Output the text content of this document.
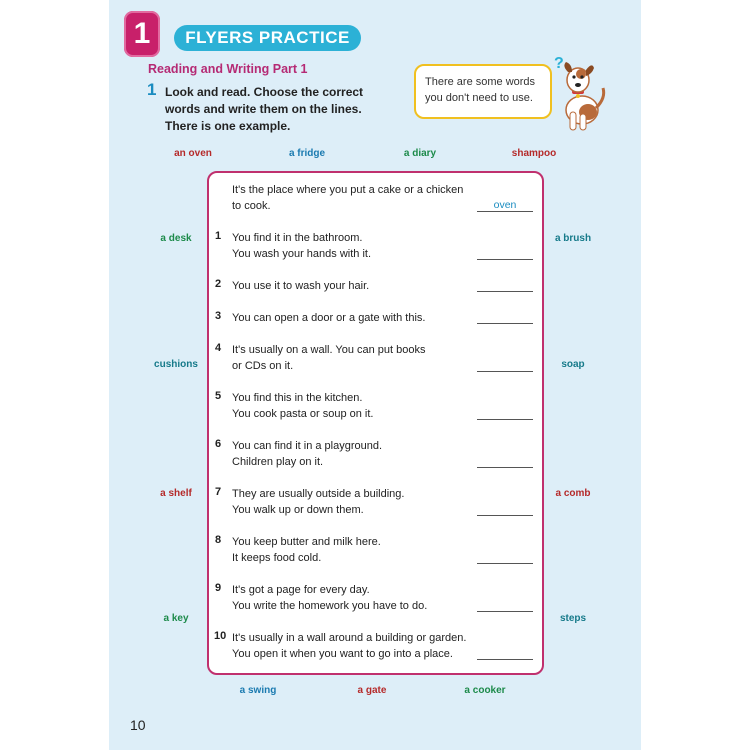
1	FLYERS PRACTICE
Reading and Writing Part 1
1 Look and read. Choose the correct
words and write them on the lines.
There is one example.
There are some words
you don't need to use.
?
an oven	a fridge	a diary	shampoo
a desk	a brush
cushions	soap
a shelf	a comb
a key	steps
a swing	a gate	a cooker
It's the place where you put a cake or a chicken
to cook.	oven
1 You find it in the bathroom.
You wash your hands with it.
2 You use it to wash your hair.
3 You can open a door or a gate with this.
4 It's usually on a wall. You can put books
or CDs on it.
5 You find this in the kitchen.
You cook pasta or soup on it.
6 You can find it in a playground.
Children play on it.
7 They are usually outside a building.
You walk up or down them.
8 You keep butter and milk here.
It keeps food cold.
9 It's got a page for every day.
You write the homework you have to do.
10 It's usually in a wall around a building or garden.
You open it when you want to go into a place.
10
